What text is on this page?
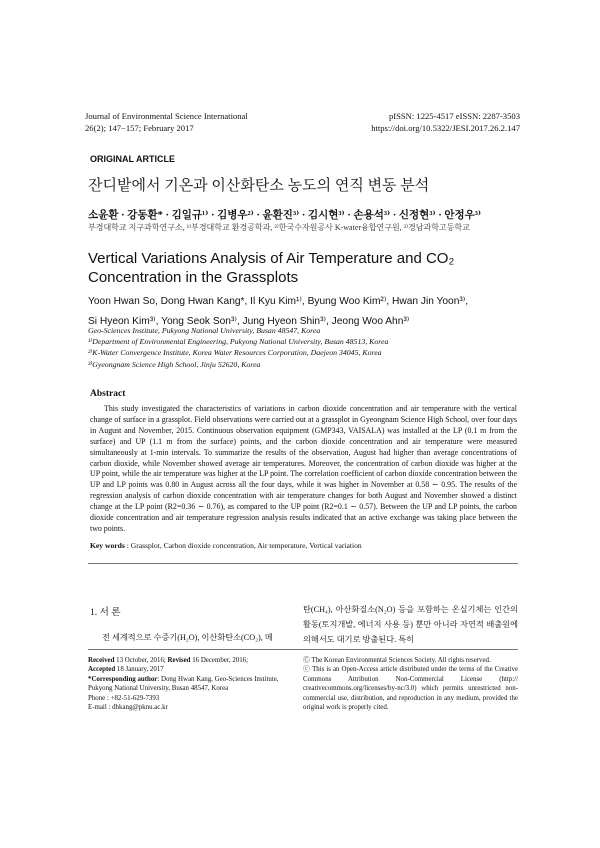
Journal of Environmental Science International
26(2); 147−157; February 2017
pISSN: 1225-4517 eISSN: 2287-3503
https://doi.org/10.5322/JESI.2017.26.2.147
ORIGINAL ARTICLE
잔디밭에서 기온과 이산화탄소 농도의 연직 변동 분석
소윤환 · 강동환* · 김일규¹⁾ · 김병우²⁾ · 윤환진³⁾ · 김시현³⁾ · 손용석³⁾ · 신정현³⁾ · 안정우³⁾
부경대학교 지구과학연구소, ¹⁾부경대학교 환경공학과, ²⁾한국수자원공사 K-water융합연구원, ³⁾경남과학고등학교
Vertical Variations Analysis of Air Temperature and CO₂
Concentration in the Grassplots
Yoon Hwan So, Dong Hwan Kang*, Il Kyu Kim¹⁾, Byung Woo Kim²⁾, Hwan Jin Yoon³⁾,
Si Hyeon Kim³⁾, Yong Seok Son³⁾, Jung Hyeon Shin³⁾, Jeong Woo Ahn³⁾
Geo-Sciences Institute, Pukyong National University, Busan 48547, Korea
¹⁾Department of Environmental Engineering, Pukyong National University, Busan 48513, Korea
²⁾K-Water Convergence Institute, Korea Water Resources Corporation, Daejeon 34045, Korea
³⁾Gyeongnam Science High School, Jinju 52620, Korea
Abstract
This study investigated the characteristics of variations in carbon dioxide concentration and air temperature with the vertical change of surface in a grassplot. Field observations were carried out at a grassplot in Gyeongnam Science High School, over four days in August and November, 2015. Continuous observation equipment (GMP343, VAISALA) was installed at the LP (0.1 m from the surface) and UP (1.1 m from the surface) points, and the carbon dioxide concentration and air temperature were measured simultaneously at 1-min intervals. To summarize the results of the observation, August had higher than average concentrations of carbon dioxide, while November showed average air temperatures. Moreover, the concentration of carbon dioxide was higher at the UP point, while the air temperature was higher at the LP point. The correlation coefficient of carbon dioxide concentration between the UP and LP points was 0.80 in August across all the four days, while it was higher in November at 0.58 ∼ 0.95. The results of the regression analysis of carbon dioxide concentration with air temperature changes for both August and November showed a distinct change at the LP point (R2=0.36 ∼ 0.76), as compared to the UP point (R2=0.1 ∼ 0.57). Between the UP and LP points, the carbon dioxide concentration and air temperature regression analysis results indicated that an active exchange was taking place between the two points.
Key words : Grassplot, Carbon dioxide concentration, Air temperature, Vertical variation
1. 서 론
전 세계적으로 수증기(H₂O), 이산화탄소(CO₂), 메
탄(CH₄), 아산화질소(N₂O) 등을 포함하는 온실기체는 인간의 활동(토지개발, 에너지 사용 등) 뿐만 아니라 자연적 배출원에 의해서도 대기로 방출된다. 특히
Received 13 October, 2016; Revised 16 December, 2016;
Accepted 18 January, 2017
*Corresponding author: Dong Hwan Kang, Geo-Sciences Institute, Pukyong National University, Busan 48547, Korea
Phone : +82-51-629-7393
E-mail : dhkang@pknu.ac.kr
Ⓒ The Korean Environmental Sciences Society. All rights reserved.
ⓒ This is an Open-Access article distributed under the terms of the Creative Commons Attribution Non-Commercial License (http:// creativecommons.org/licenses/by-nc/3.0) which permits unrestricted non-commercial use, distribution, and reproduction in any medium, provided the original work is properly cited.
